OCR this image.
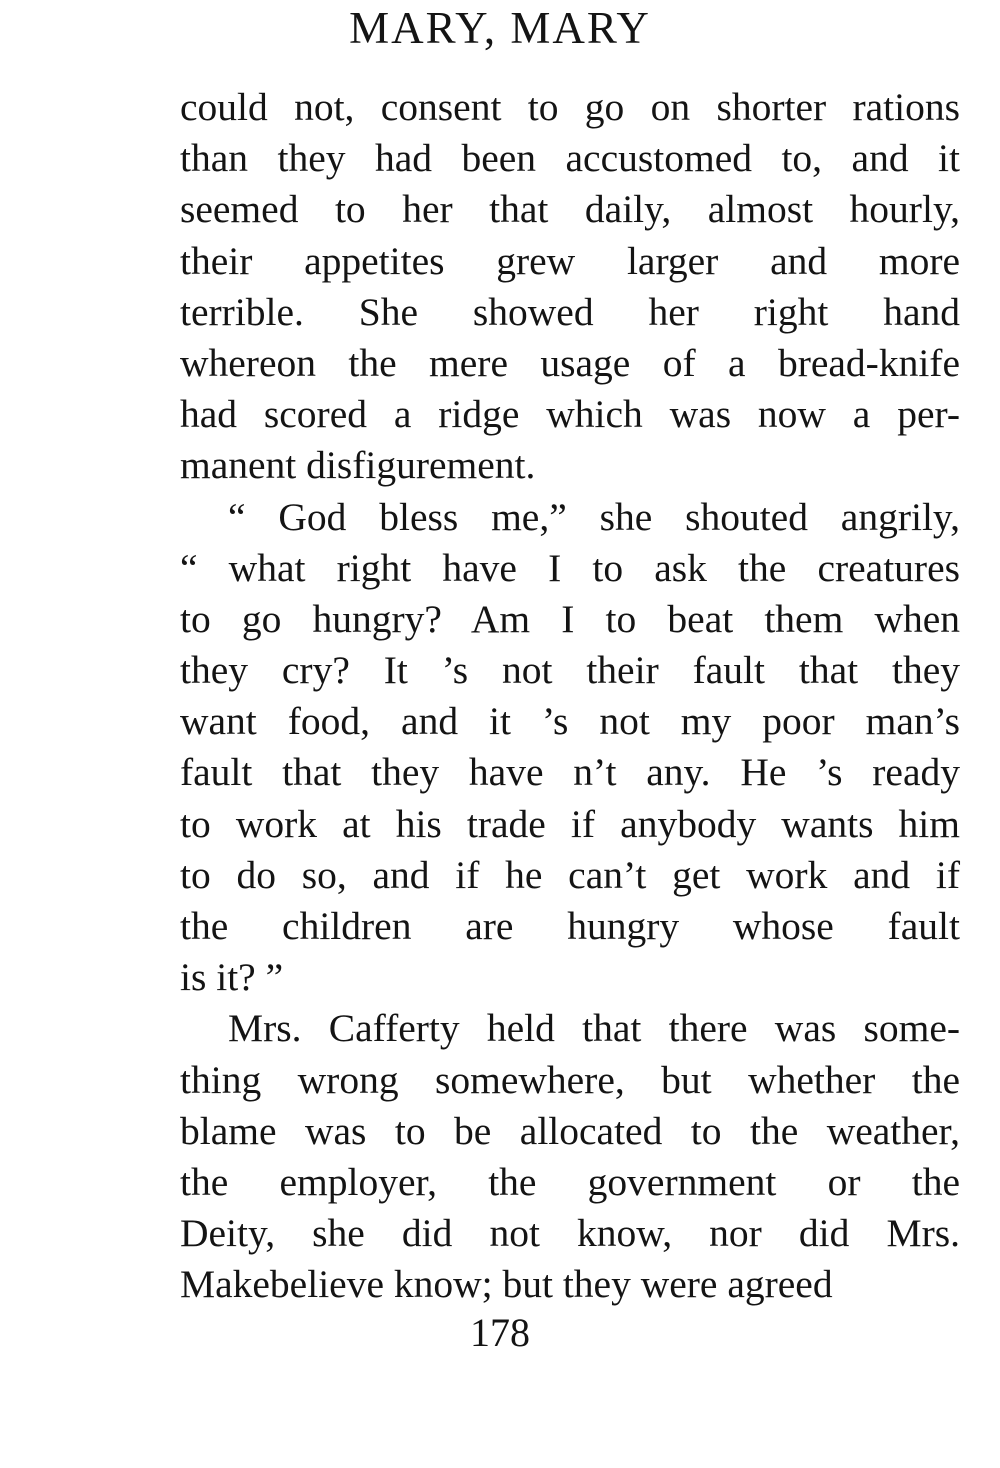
MARY, MARY

could not, consent to go on shorter rations
than they had been accustomed to, and it
seemed to her that daily, almost hourly,
their appetites grew larger and more
terrible. She showed her right hand
whereon the mere usage of a bread-knife
had scored a ridge which was now a per-
manent disfigurement.

“ God bless me,” she shouted angrily,
“ what right have I to ask the creatures
to go hungry? Am I to beat them when
they cry? It ’s not their fault that they
want food, and it ’s not my poor man’s
fault that they have n’t any. He ’s ready
to work at his trade if anybody wants him
to do so, and if he can’t get work and if
the children are hungry whose fault
is it? ”

Mrs. Cafferty held that there was some-
thing wrong somewhere, but whether the
blame was to be allocated to the weather,
the employer, the government or the
Deity, she did not know, nor did Mrs.
Makebelieve know; but they were agreed

178
